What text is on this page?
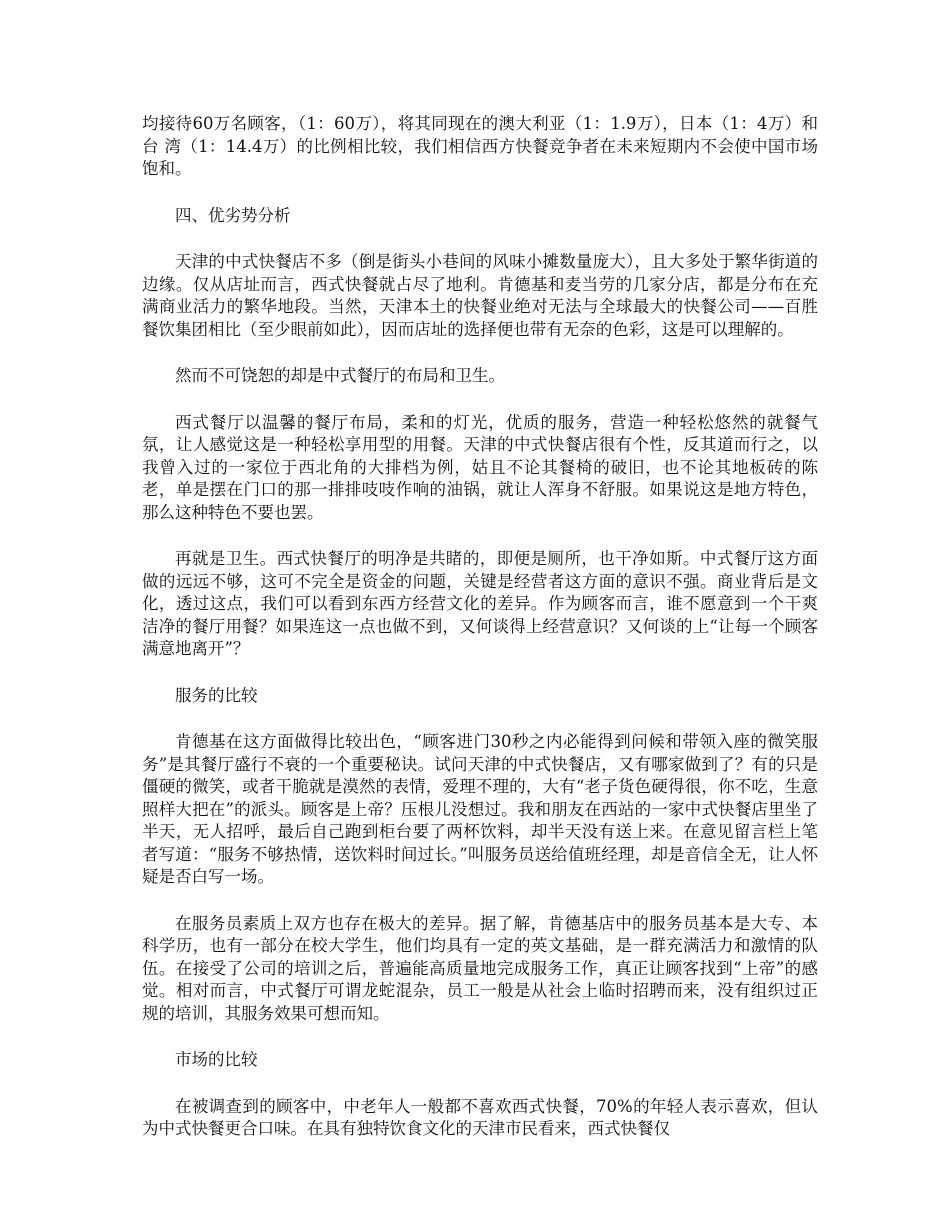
均接待60万名顾客，（1：60万），将其同现在的澳大利亚（1：1.9万），日本（1：4万）和台 湾（1：14.4万）的比例相比较，我们相信西方快餐竞争者在未来短期内不会使中国市场饱和。

四、优劣势分析

天津的中式快餐店不多（倒是街头小巷间的风味小摊数量庞大），且大多处于繁华街道的边缘。仅从店址而言，西式快餐就占尽了地利。肯德基和麦当劳的几家分店，都是分布在充满商业活力的繁华地段。当然，天津本土的快餐业绝对无法与全球最大的快餐公司——百胜餐饮集团相比（至少眼前如此），因而店址的选择便也带有无奈的色彩，这是可以理解的。

然而不可饶恕的却是中式餐厅的布局和卫生。

西式餐厅以温馨的餐厅布局，柔和的灯光，优质的服务，营造一种轻松悠然的就餐气氛，让人感觉这是一种轻松享用型的用餐。天津的中式快餐店很有个性，反其道而行之，以我曾入过的一家位于西北角的大排档为例，姑且不论其餐椅的破旧，也不论其地板砖的陈老，单是摆在门口的那一排排吱吱作响的油锅，就让人浑身不舒服。如果说这是地方特色，那么这种特色不要也罢。

再就是卫生。西式快餐厅的明净是共睹的，即便是厕所，也干净如斯。中式餐厅这方面做的远远不够，这可不完全是资金的问题，关键是经营者这方面的意识不强。商业背后是文化，透过这点，我们可以看到东西方经营文化的差异。作为顾客而言，谁不愿意到一个干爽洁净的餐厅用餐？如果连这一点也做不到，又何谈得上经营意识？又何谈的上“让每一个顾客满意地离开”？

服务的比较

肯德基在这方面做得比较出色，“顾客进门30秒之内必能得到问候和带领入座的微笑服务”是其餐厅盛行不衰的一个重要秘诀。试问天津的中式快餐店，又有哪家做到了？有的只是僵硬的微笑，或者干脆就是漠然的表情，爱理不理的，大有“老子货色硬得很，你不吃，生意照样大把在”的派头。顾客是上帝？压根儿没想过。我和朋友在西站的一家中式快餐店里坐了半天，无人招呼，最后自己跑到柜台要了两杯饮料，却半天没有送上来。在意见留言栏上笔者写道：“服务不够热情，送饮料时间过长。”叫服务员送给值班经理，却是音信全无，让人怀疑是否白写一场。

在服务员素质上双方也存在极大的差异。据了解，肯德基店中的服务员基本是大专、本科学历，也有一部分在校大学生，他们均具有一定的英文基础，是一群充满活力和激情的队伍。在接受了公司的培训之后，普遍能高质量地完成服务工作，真正让顾客找到“上帝”的感觉。相对而言，中式餐厅可谓龙蛇混杂，员工一般是从社会上临时招聘而来，没有组织过正规的培训，其服务效果可想而知。

市场的比较

在被调查到的顾客中，中老年人一般都不喜欢西式快餐，70%的年轻人表示喜欢，但认为中式快餐更合口味。在具有独特饮食文化的天津市民看来，西式快餐仅
